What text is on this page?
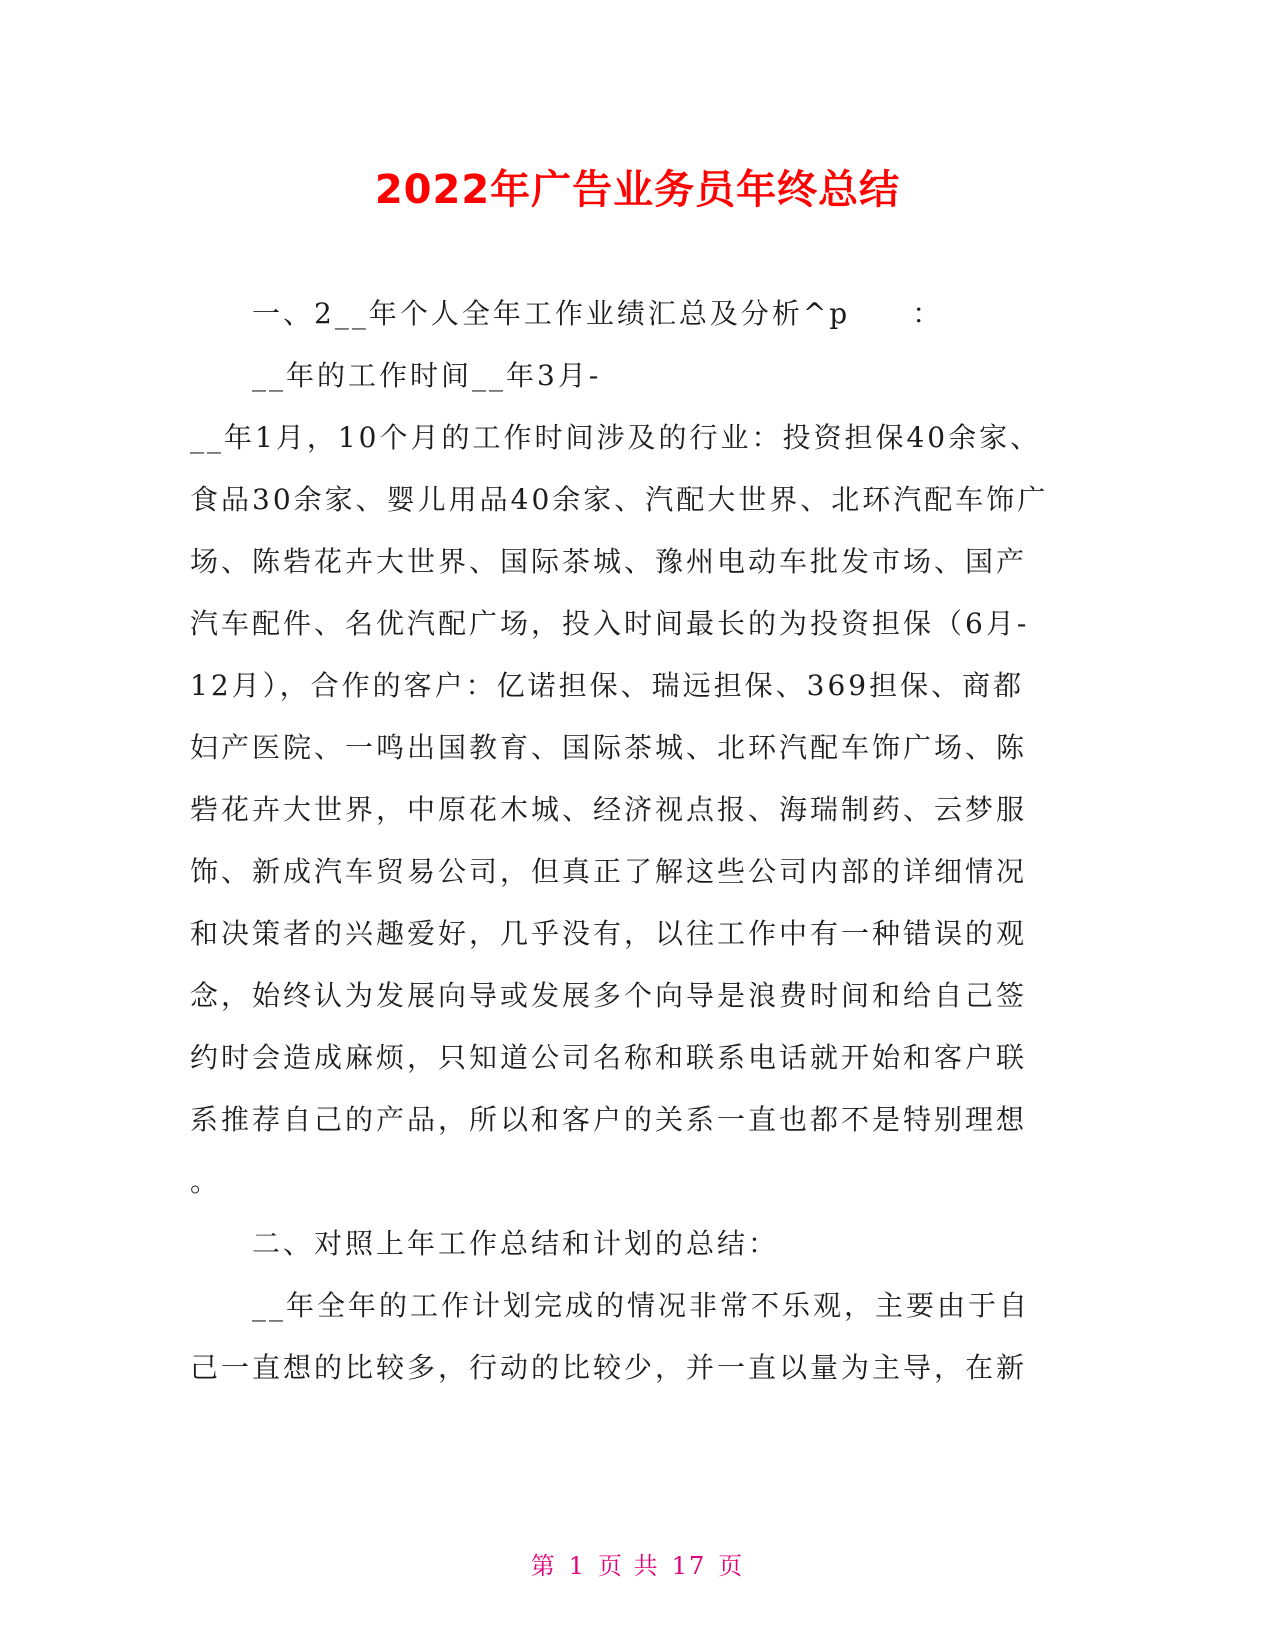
2022年广告业务员年终总结
一、2__年个人全年工作业绩汇总及分析^p　　：
__年的工作时间__年3月-
__年1月，10个月的工作时间涉及的行业：投资担保40余家、
食品30余家、婴儿用品40余家、汽配大世界、北环汽配车饰广
场、陈砦花卉大世界、国际茶城、豫州电动车批发市场、国产
汽车配件、名优汽配广场，投入时间最长的为投资担保（6月-
12月），合作的客户：亿诺担保、瑞远担保、369担保、商都
妇产医院、一鸣出国教育、国际茶城、北环汽配车饰广场、陈
砦花卉大世界，中原花木城、经济视点报、海瑞制药、云梦服
饰、新成汽车贸易公司，但真正了解这些公司内部的详细情况
和决策者的兴趣爱好，几乎没有，以往工作中有一种错误的观
念，始终认为发展向导或发展多个向导是浪费时间和给自己签
约时会造成麻烦，只知道公司名称和联系电话就开始和客户联
系推荐自己的产品，所以和客户的关系一直也都不是特别理想
。
二、对照上年工作总结和计划的总结：
__年全年的工作计划完成的情况非常不乐观，主要由于自
己一直想的比较多，行动的比较少，并一直以量为主导，在新
第 1 页 共 17 页
